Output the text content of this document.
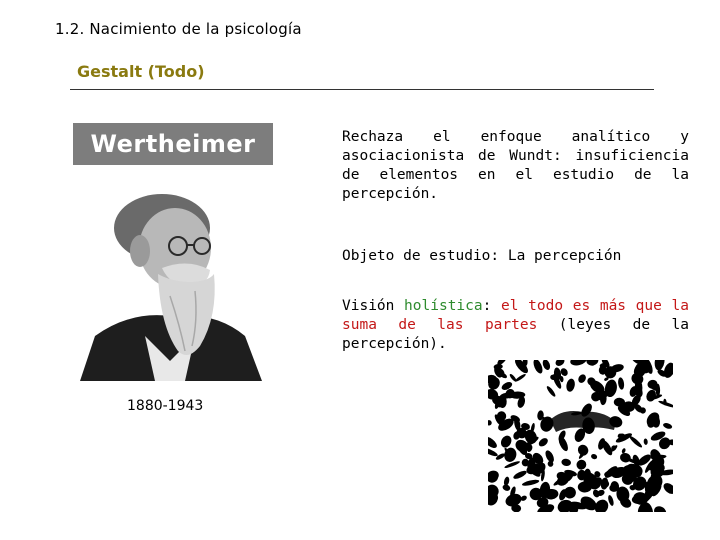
1.2. Nacimiento de la psicología
Gestalt (Todo)
Wertheimer
1880-1943
Rechaza el enfoque analítico y asociacionista de Wundt: insuficiencia de elementos en el estudio de la percepción.
Objeto de estudio: La percepción
Visión holística: el todo es más que la suma de las partes (leyes de la percepción).
